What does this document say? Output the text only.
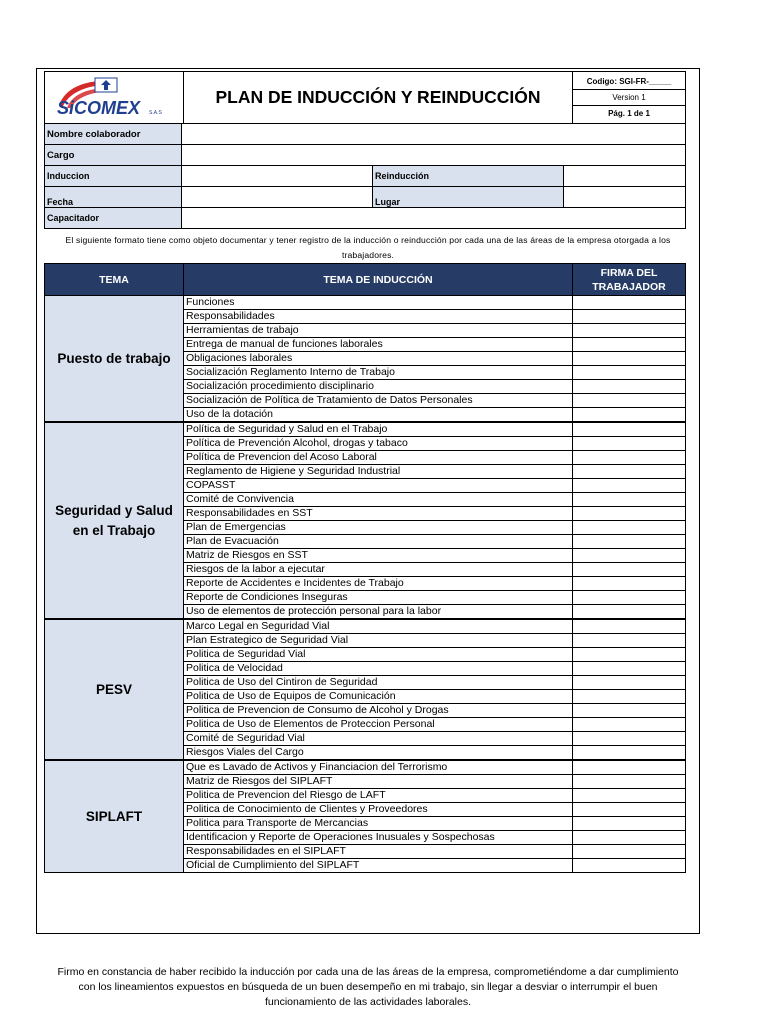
SiCOMEX S.A.S
	PLAN DE INDUCCIÓN Y REINDUCCIÓN	
Codigo: SGI-FR-_____
Version 1
Pág. 1 de 1
Nombre colaborador			
Cargo			
Induccion		Reinducción	
Fecha		Lugar	
Capacitador			
El siguiente formato tiene como objeto documentar y tener registro de la inducción o reinducción por cada una de las áreas de la empresa otorgada a los trabajadores.
TEMA	TEMA DE INDUCCIÓN	FIRMA DEL TRABAJADOR
Puesto de trabajo	Funciones	
	Responsabilidades	
	Herramientas de trabajo	
	Entrega de manual de funciones laborales	
	Obligaciones laborales	
	Socialización Reglamento Interno de Trabajo	
	Socialización procedimiento disciplinario	
	Socialización de Política de Tratamiento de Datos Personales	
	Uso de la dotación	
Seguridad y Salud en el Trabajo	Política de Seguridad y Salud en el Trabajo	
	Política de Prevención Alcohol, drogas y tabaco	
	Política de Prevencion del Acoso Laboral	
	Reglamento de Higiene y Seguridad Industrial	
	COPASST	
	Comité de Convivencia	
	Responsabilidades en SST	
	Plan de Emergencias	
	Plan de Evacuación	
	Matriz de Riesgos en SST	
	Riesgos de la labor a ejecutar	
	Reporte de Accidentes e Incidentes de Trabajo	
	Reporte de Condiciones Inseguras	
	Uso de elementos de protección personal para la labor	
PESV	Marco Legal en Seguridad Vial	
	Plan Estrategico de Seguridad Vial	
	Politica de Seguridad Vial	
	Politica de Velocidad	
	Politica de Uso del Cintiron de Seguridad	
	Politica de Uso de Equipos de Comunicación	
	Politica de Prevencion de Consumo de Alcohol y Drogas	
	Politica de Uso de Elementos de Proteccion Personal	
	Comité de Seguridad Vial	
	Riesgos Viales del Cargo	
SIPLAFT	Que es Lavado de Activos y Financiacion del Terrorismo	
	Matriz de Riesgos del SIPLAFT	
	Politica de Prevencion del Riesgo de LAFT	
	Politica de Conocimiento de Clientes y Proveedores	
	Politica para Transporte de Mercancias	
	Identificacion y Reporte de Operaciones Inusuales y Sospechosas	
	Responsabilidades en el SIPLAFT	
	Oficial de Cumplimiento del SIPLAFT	
Firmo en constancia de haber recibido la inducción por cada una de las áreas de la empresa, comprometiéndome a dar cumplimiento con los lineamientos expuestos en búsqueda de un buen desempeño en mi trabajo, sin llegar a desviar o interrumpir el buen funcionamiento de las actividades laborales.
